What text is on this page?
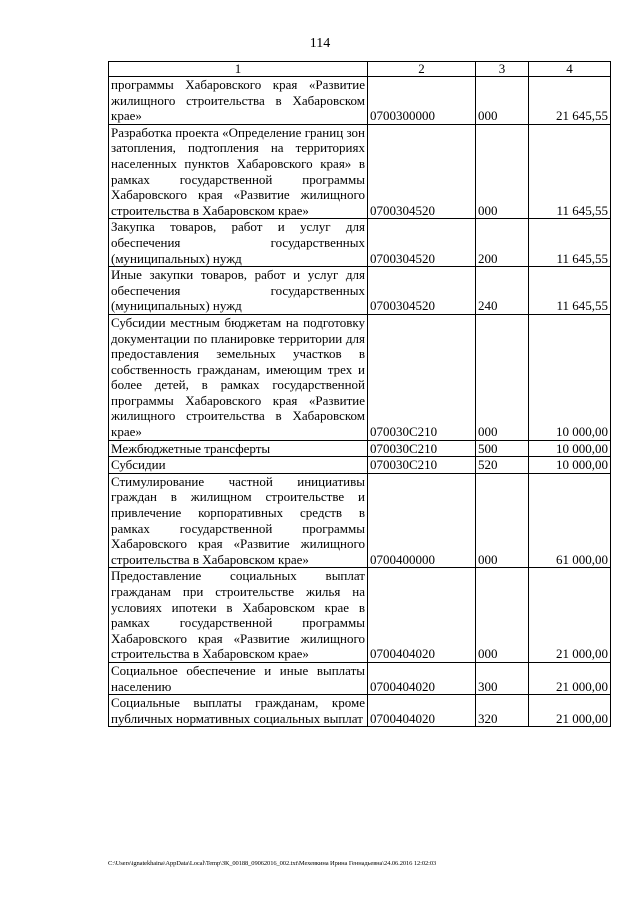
114
1	2	3	4
программы Хабаровского края «Развитие жилищного строительства в Хабаровском крае»	0700300000	000	21 645,55
Разработка проекта «Определение границ зон затопления, подтопления на территориях населенных пунктов Хабаровского края» в рамках государственной программы Хабаровского края «Развитие жилищного строительства в Хабаровском крае»	0700304520	000	11 645,55
Закупка товаров, работ и услуг для обеспечения государственных (муниципальных) нужд	0700304520	200	11 645,55
Иные закупки товаров, работ и услуг для обеспечения государственных (муниципальных) нужд	0700304520	240	11 645,55
Субсидии местным бюджетам на подготовку документации по планировке территории для предоставления земельных участков в собственность гражданам, имеющим трех и более детей, в рамках государственной программы Хабаровского края «Развитие жилищного строительства в Хабаровском крае»	070030С210	000	10 000,00
Межбюджетные трансферты	070030С210	500	10 000,00
Субсидии	070030С210	520	10 000,00
Стимулирование частной инициативы граждан в жилищном строительстве и привлечение корпоративных средств в рамках государственной программы Хабаровского края «Развитие жилищного строительства в Хабаровском крае»	0700400000	000	61 000,00
Предоставление социальных выплат гражданам при строительстве жилья на условиях ипотеки в Хабаровском крае в рамках государственной программы Хабаровского края «Развитие жилищного строительства в Хабаровском крае»	0700404020	000	21 000,00
Социальное обеспечение и иные выплаты населению	0700404020	300	21 000,00
Социальные выплаты гражданам, кроме публичных нормативных социальных выплат	0700404020	320	21 000,00
C:\Users\ignatekhaina\AppData\Local\Temp\ЗК_00188_09062016_002.txt\Мехевкина Ирина Геннадьевна\24.06.2016 12:02:03
